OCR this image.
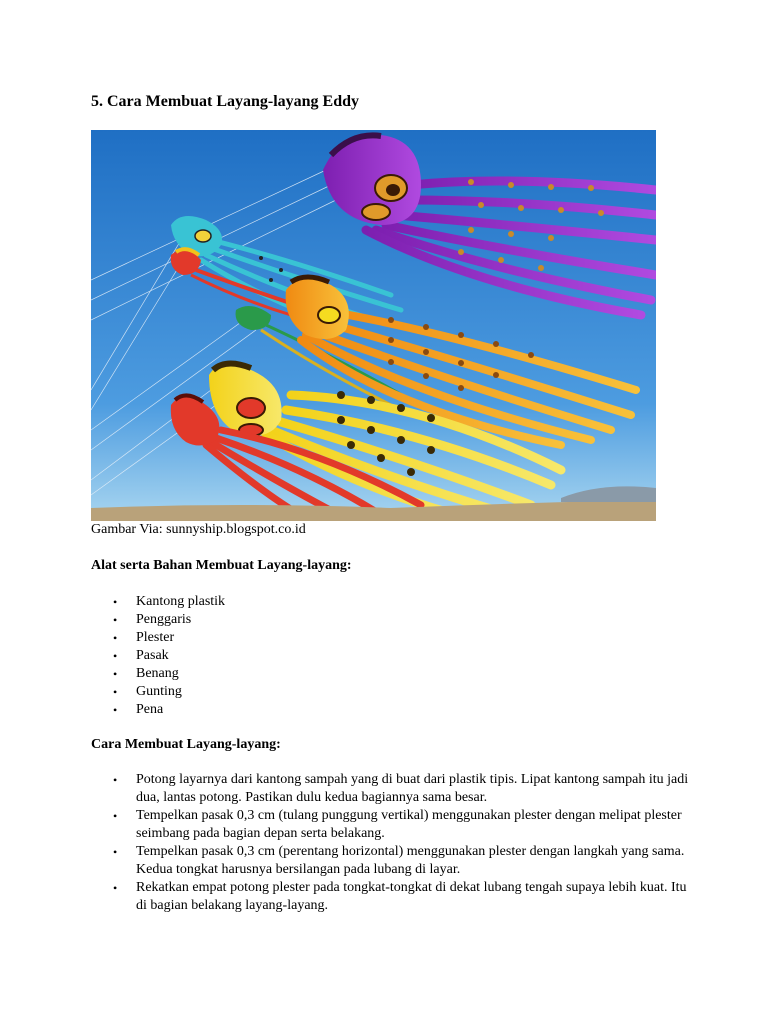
5. Cara Membuat Layang-layang Eddy

Gambar Via: sunnyship.blogspot.co.id

Alat serta Bahan Membuat Layang-layang:

• Kantong plastik
• Penggaris
• Plester
• Pasak
• Benang
• Gunting
• Pena

Cara Membuat Layang-layang:

• Potong layarnya dari kantong sampah yang di buat dari plastik tipis. Lipat kantong sampah itu jadi dua, lantas potong. Pastikan dulu kedua bagiannya sama besar.
• Tempelkan pasak 0,3 cm (tulang punggung vertikal) menggunakan plester dengan melipat plester seimbang pada bagian depan serta belakang.
• Tempelkan pasak 0,3 cm (perentang horizontal) menggunakan plester dengan langkah yang sama. Kedua tongkat harusnya bersilangan pada lubang di layar.
• Rekatkan empat potong plester pada tongkat-tongkat di dekat lubang tengah supaya lebih kuat. Itu di bagian belakang layang-layang.
